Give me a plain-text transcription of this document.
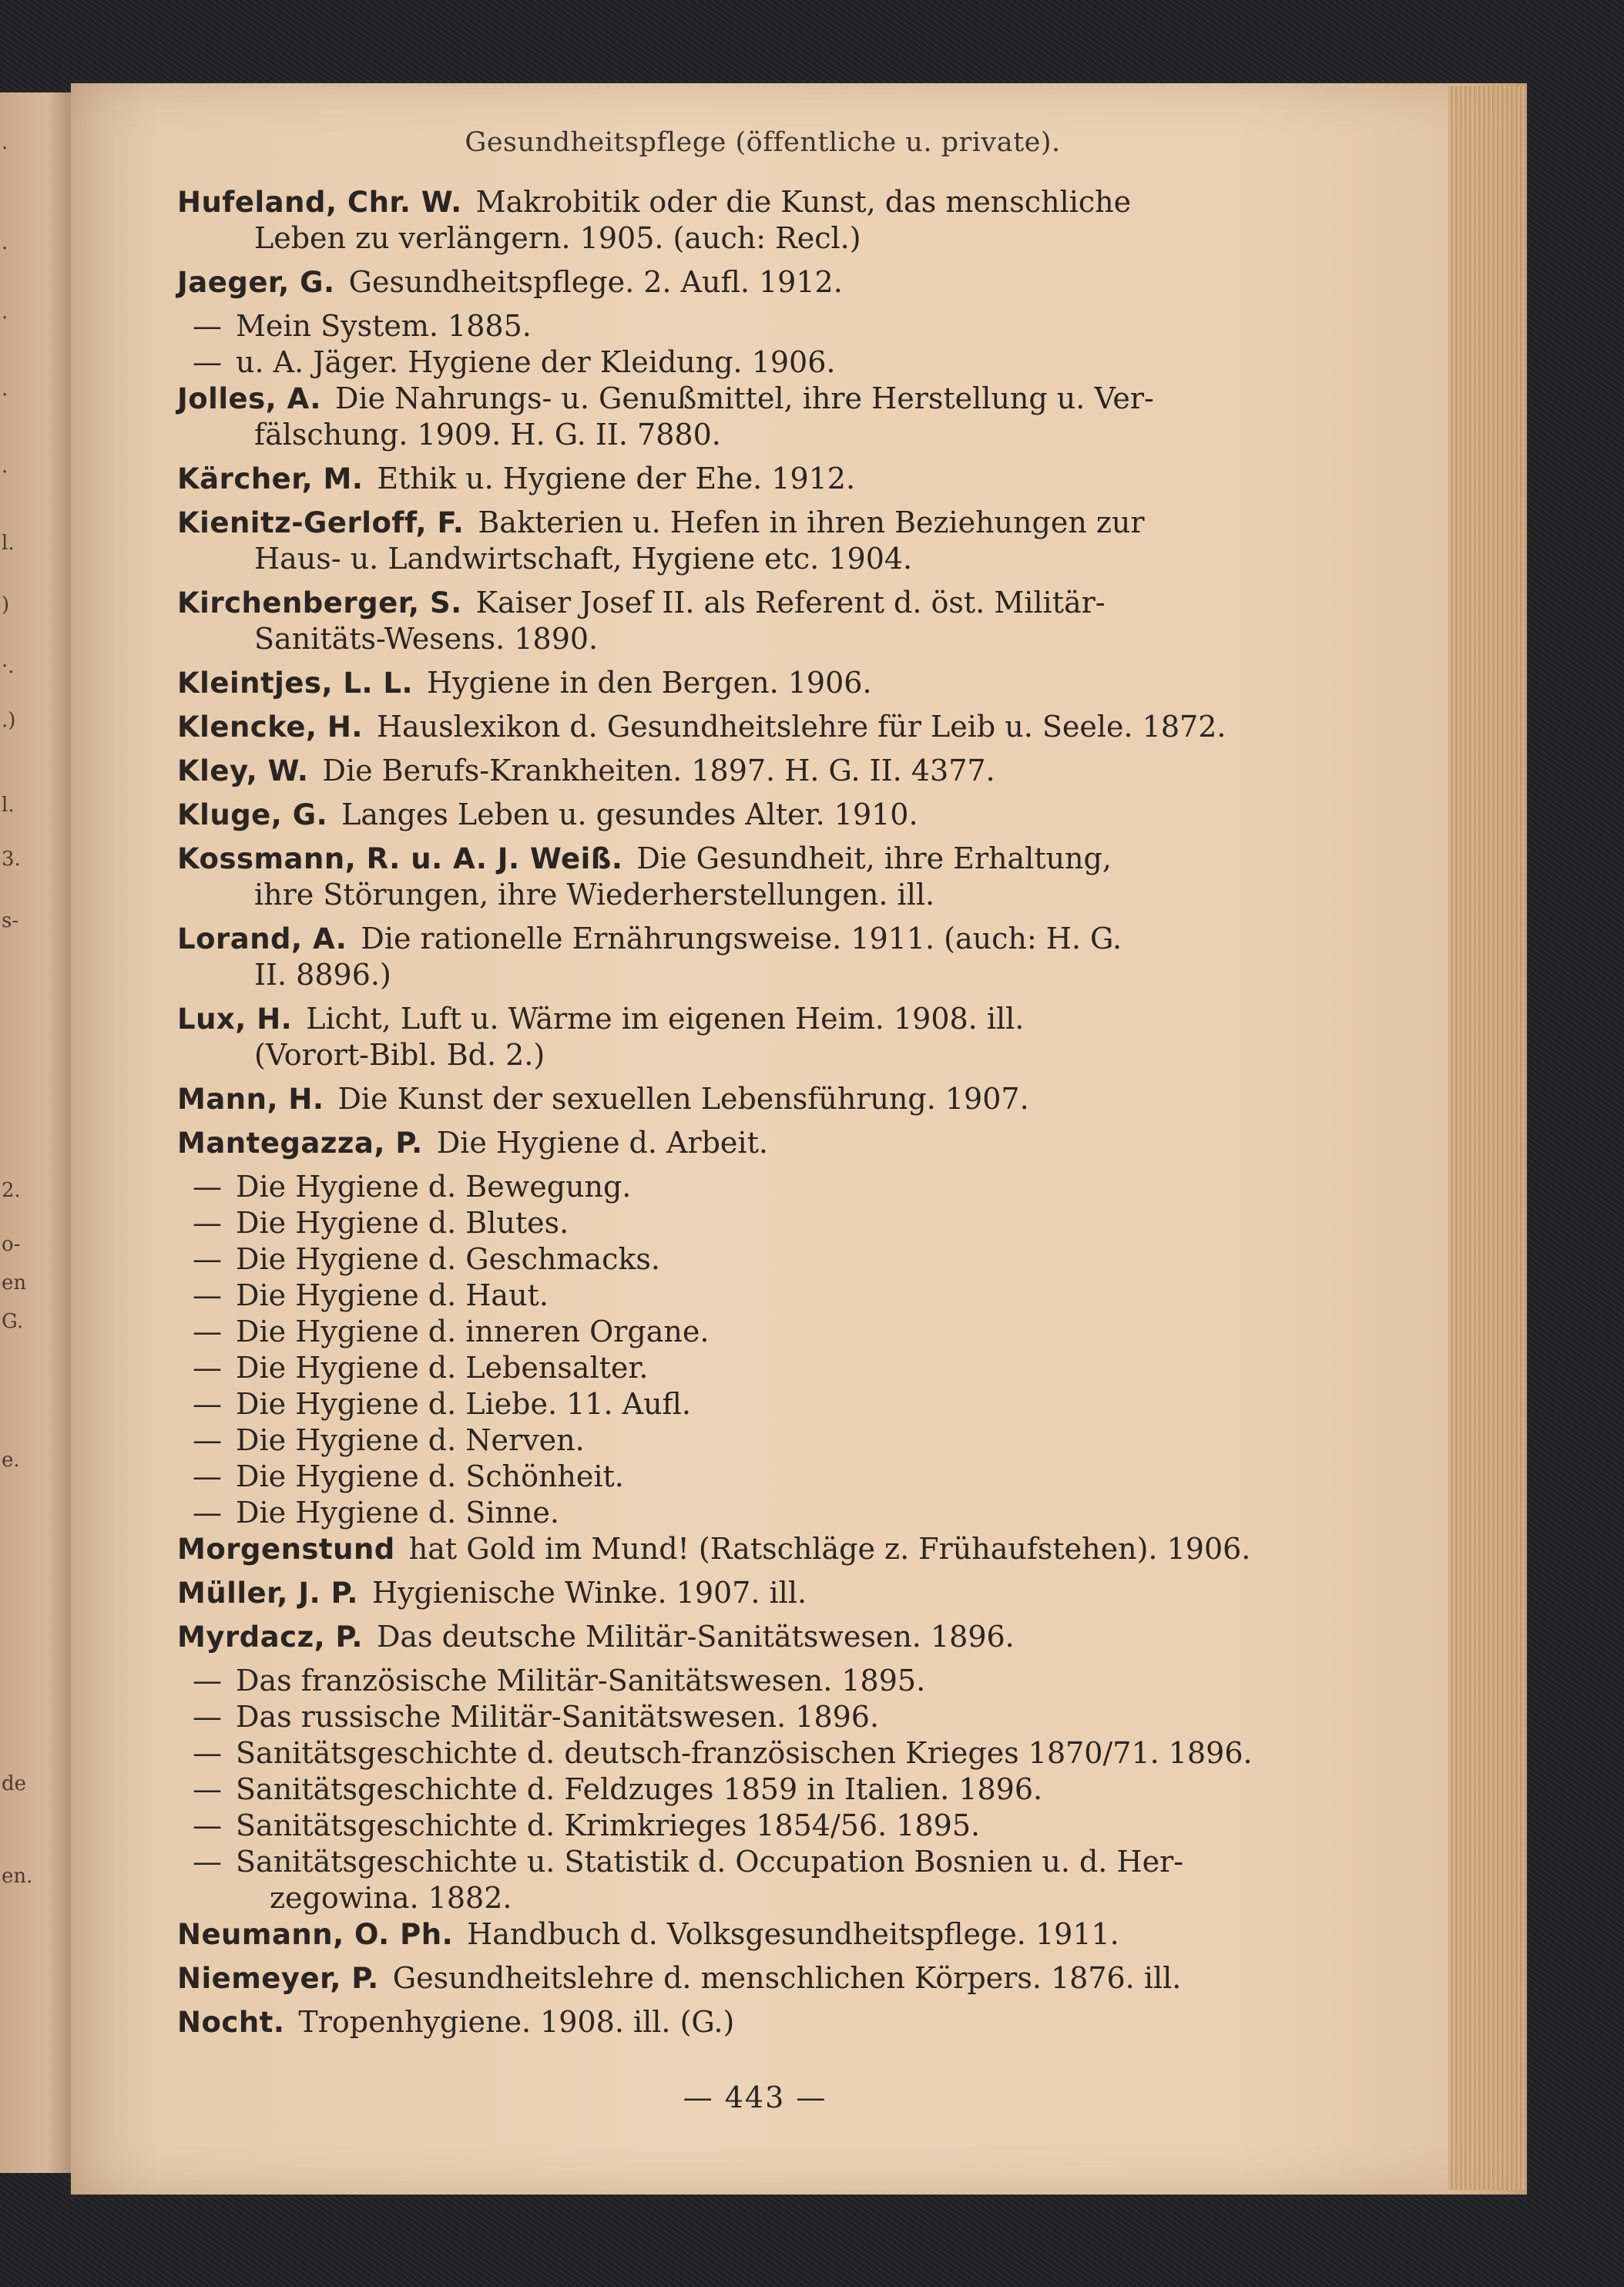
.
.
.
.
.
l.
)
·.
.)
l.
3.
s-
2.
o-
en
G.
e.
de
en.
Gesundheitspflege (öffentliche u. private).
Hufeland, Chr. W. Makrobitik oder die Kunst, das menschliche
Leben zu verlängern. 1905. (auch: Recl.)
Jaeger, G. Gesundheitspflege. 2. Aufl. 1912.
— Mein System. 1885.
— u. A. Jäger. Hygiene der Kleidung. 1906.
Jolles, A. Die Nahrungs- u. Genußmittel, ihre Herstellung u. Ver-
fälschung. 1909. H. G. II. 7880.
Kärcher, M. Ethik u. Hygiene der Ehe. 1912.
Kienitz-Gerloff, F. Bakterien u. Hefen in ihren Beziehungen zur
Haus- u. Landwirtschaft, Hygiene etc. 1904.
Kirchenberger, S. Kaiser Josef II. als Referent d. öst. Militär-
Sanitäts-Wesens. 1890.
Kleintjes, L. L. Hygiene in den Bergen. 1906.
Klencke, H. Hauslexikon d. Gesundheitslehre für Leib u. Seele. 1872.
Kley, W. Die Berufs-Krankheiten. 1897. H. G. II. 4377.
Kluge, G. Langes Leben u. gesundes Alter. 1910.
Kossmann, R. u. A. J. Weiß. Die Gesundheit, ihre Erhaltung,
ihre Störungen, ihre Wiederherstellungen. ill.
Lorand, A. Die rationelle Ernährungsweise. 1911. (auch: H. G.
II. 8896.)
Lux, H. Licht, Luft u. Wärme im eigenen Heim. 1908. ill.
(Vorort-Bibl. Bd. 2.)
Mann, H. Die Kunst der sexuellen Lebensführung. 1907.
Mantegazza, P. Die Hygiene d. Arbeit.
— Die Hygiene d. Bewegung.
— Die Hygiene d. Blutes.
— Die Hygiene d. Geschmacks.
— Die Hygiene d. Haut.
— Die Hygiene d. inneren Organe.
— Die Hygiene d. Lebensalter.
— Die Hygiene d. Liebe. 11. Aufl.
— Die Hygiene d. Nerven.
— Die Hygiene d. Schönheit.
— Die Hygiene d. Sinne.
Morgenstund hat Gold im Mund! (Ratschläge z. Frühaufstehen). 1906.
Müller, J. P. Hygienische Winke. 1907. ill.
Myrdacz, P. Das deutsche Militär-Sanitätswesen. 1896.
— Das französische Militär-Sanitätswesen. 1895.
— Das russische Militär-Sanitätswesen. 1896.
— Sanitätsgeschichte d. deutsch-französischen Krieges 1870/71. 1896.
— Sanitätsgeschichte d. Feldzuges 1859 in Italien. 1896.
— Sanitätsgeschichte d. Krimkrieges 1854/56. 1895.
— Sanitätsgeschichte u. Statistik d. Occupation Bosnien u. d. Her-
zegowina. 1882.
Neumann, O. Ph. Handbuch d. Volksgesundheitspflege. 1911.
Niemeyer, P. Gesundheitslehre d. menschlichen Körpers. 1876. ill.
Nocht. Tropenhygiene. 1908. ill. (G.)
— 443 —
